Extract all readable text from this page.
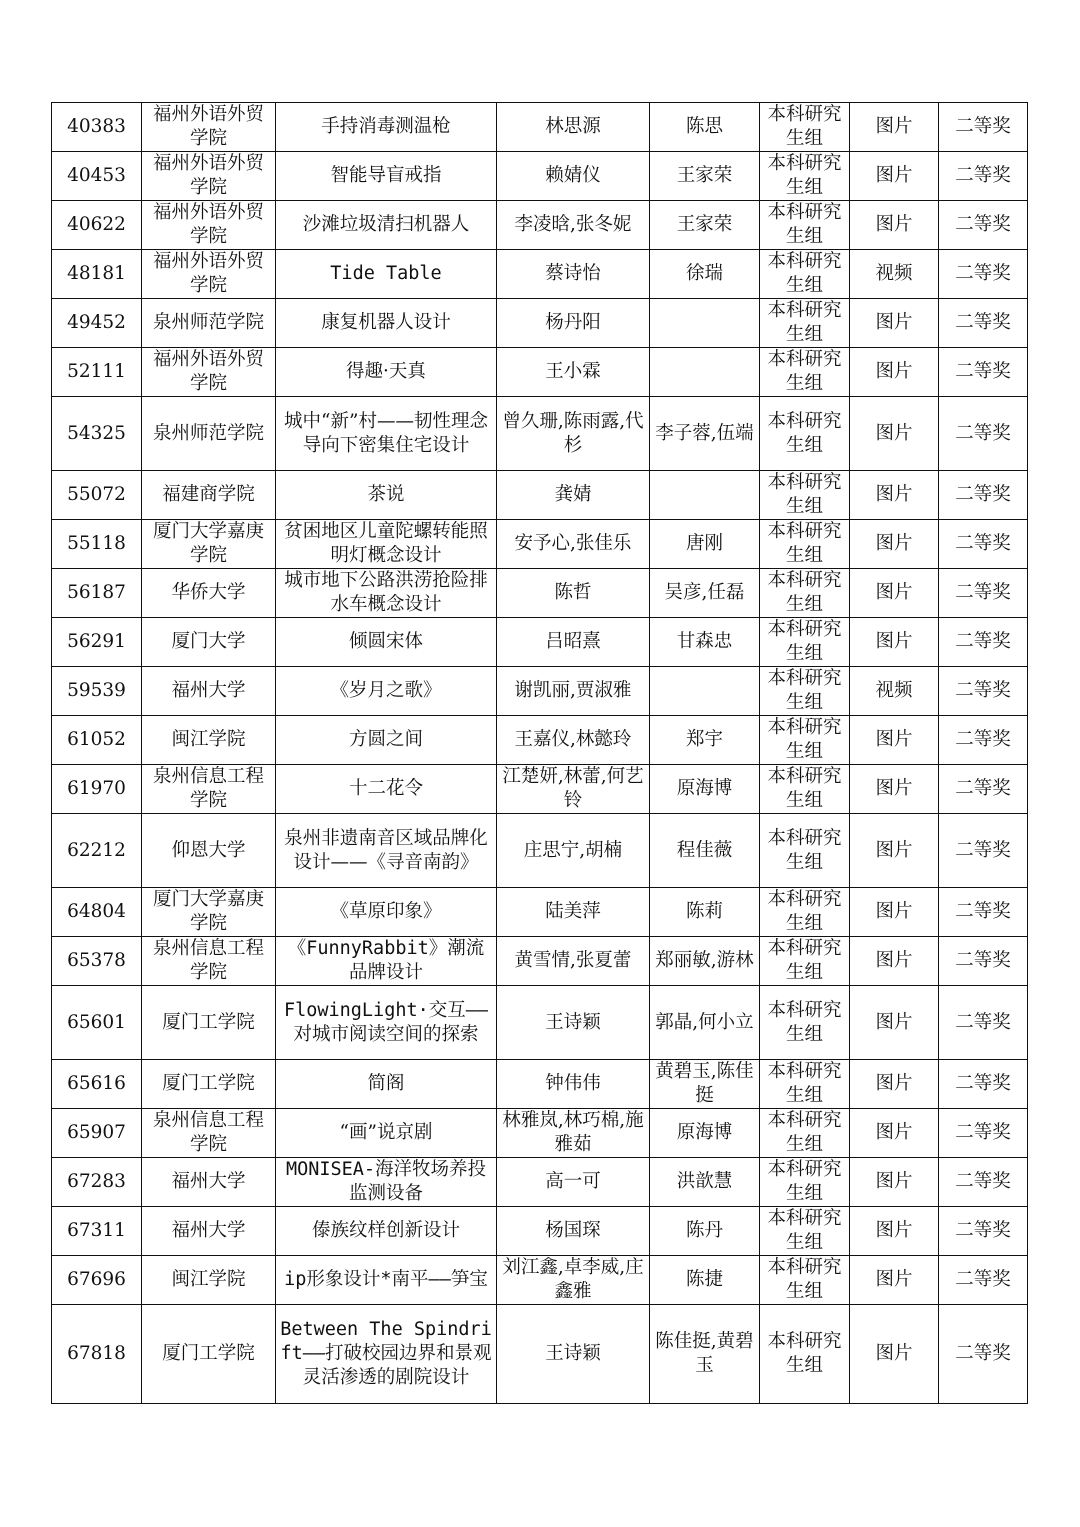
40383	福州外语外贸学院	手持消毒测温枪	林思源	陈思	本科研究生组	图片	二等奖
40453	福州外语外贸学院	智能导盲戒指	赖婧仪	王家荣	本科研究生组	图片	二等奖
40622	福州外语外贸学院	沙滩垃圾清扫机器人	李凌晗,张冬妮	王家荣	本科研究生组	图片	二等奖
48181	福州外语外贸学院	Tide Table	蔡诗怡	徐瑞	本科研究生组	视频	二等奖
49452	泉州师范学院	康复机器人设计	杨丹阳		本科研究生组	图片	二等奖
52111	福州外语外贸学院	得趣·天真	王小霖		本科研究生组	图片	二等奖
54325	泉州师范学院	城中“新”村——韧性理念导向下密集住宅设计	曾久珊,陈雨露,代杉	李子蓉,伍端	本科研究生组	图片	二等奖
55072	福建商学院	茶说	龚婧		本科研究生组	图片	二等奖
55118	厦门大学嘉庚学院	贫困地区儿童陀螺转能照明灯概念设计	安予心,张佳乐	唐刚	本科研究生组	图片	二等奖
56187	华侨大学	城市地下公路洪涝抢险排水车概念设计	陈哲	吴彦,任磊	本科研究生组	图片	二等奖
56291	厦门大学	倾圆宋体	吕昭熹	甘森忠	本科研究生组	图片	二等奖
59539	福州大学	《岁月之歌》	谢凯丽,贾淑雅		本科研究生组	视频	二等奖
61052	闽江学院	方圆之间	王嘉仪,林懿玲	郑宇	本科研究生组	图片	二等奖
61970	泉州信息工程学院	十二花令	江楚妍,林蕾,何艺铃	原海博	本科研究生组	图片	二等奖
62212	仰恩大学	泉州非遗南音区域品牌化设计——《寻音南韵》	庄思宁,胡楠	程佳薇	本科研究生组	图片	二等奖
64804	厦门大学嘉庚学院	《草原印象》	陆美萍	陈莉	本科研究生组	图片	二等奖
65378	泉州信息工程学院	《FunnyRabbit》潮流品牌设计	黄雪情,张夏蕾	郑丽敏,游林	本科研究生组	图片	二等奖
65601	厦门工学院	FlowingLight·交互——对城市阅读空间的探索	王诗颖	郭晶,何小立	本科研究生组	图片	二等奖
65616	厦门工学院	简阁	钟伟伟	黄碧玉,陈佳挺	本科研究生组	图片	二等奖
65907	泉州信息工程学院	“画”说京剧	林雅岚,林巧棉,施雅茹	原海博	本科研究生组	图片	二等奖
67283	福州大学	MONISEA-海洋牧场养投监测设备	高一可	洪歆慧	本科研究生组	图片	二等奖
67311	福州大学	傣族纹样创新设计	杨国琛	陈丹	本科研究生组	图片	二等奖
67696	闽江学院	ip形象设计*南平——笋宝	刘江鑫,卓李威,庄鑫雅	陈捷	本科研究生组	图片	二等奖
67818	厦门工学院	Between The Spindrift——打破校园边界和景观灵活渗透的剧院设计	王诗颖	陈佳挺,黄碧玉	本科研究生组	图片	二等奖
